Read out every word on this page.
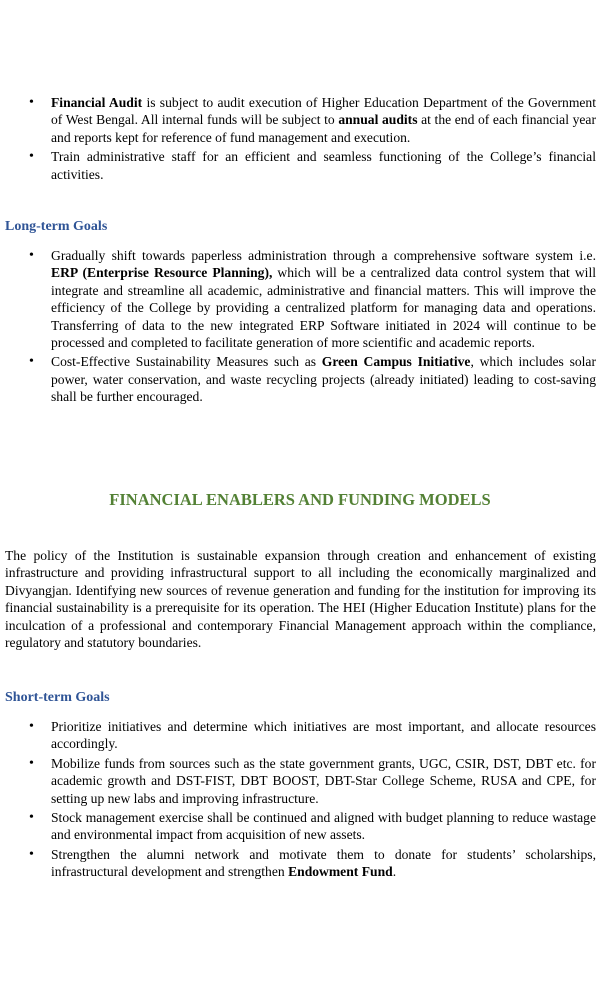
• Financial Audit is subject to audit execution of Higher Education Department of the Government of West Bengal. All internal funds will be subject to annual audits at the end of each financial year and reports kept for reference of fund management and execution.
• Train administrative staff for an efficient and seamless functioning of the College’s financial activities.
Long-term Goals
• Gradually shift towards paperless administration through a comprehensive software system i.e. ERP (Enterprise Resource Planning), which will be a centralized data control system that will integrate and streamline all academic, administrative and financial matters. This will improve the efficiency of the College by providing a centralized platform for managing data and operations. Transferring of data to the new integrated ERP Software initiated in 2024 will continue to be processed and completed to facilitate generation of more scientific and academic reports.
• Cost-Effective Sustainability Measures such as Green Campus Initiative, which includes solar power, water conservation, and waste recycling projects (already initiated) leading to cost-saving shall be further encouraged.
FINANCIAL ENABLERS AND FUNDING MODELS

The policy of the Institution is sustainable expansion through creation and enhancement of existing infrastructure and providing infrastructural support to all including the economically marginalized and Divyangjan. Identifying new sources of revenue generation and funding for the institution for improving its financial sustainability is a prerequisite for its operation. The HEI (Higher Education Institute) plans for the inculcation of a professional and contemporary Financial Management approach within the compliance, regulatory and statutory boundaries.

Short-term Goals
• Prioritize initiatives and determine which initiatives are most important, and allocate resources accordingly.
• Mobilize funds from sources such as the state government grants, UGC, CSIR, DST, DBT etc. for academic growth and DST-FIST, DBT BOOST, DBT-Star College Scheme, RUSA and CPE, for setting up new labs and improving infrastructure.
• Stock management exercise shall be continued and aligned with budget planning to reduce wastage and environmental impact from acquisition of new assets.
• Strengthen the alumni network and motivate them to donate for students’ scholarships, infrastructural development and strengthen Endowment Fund.
